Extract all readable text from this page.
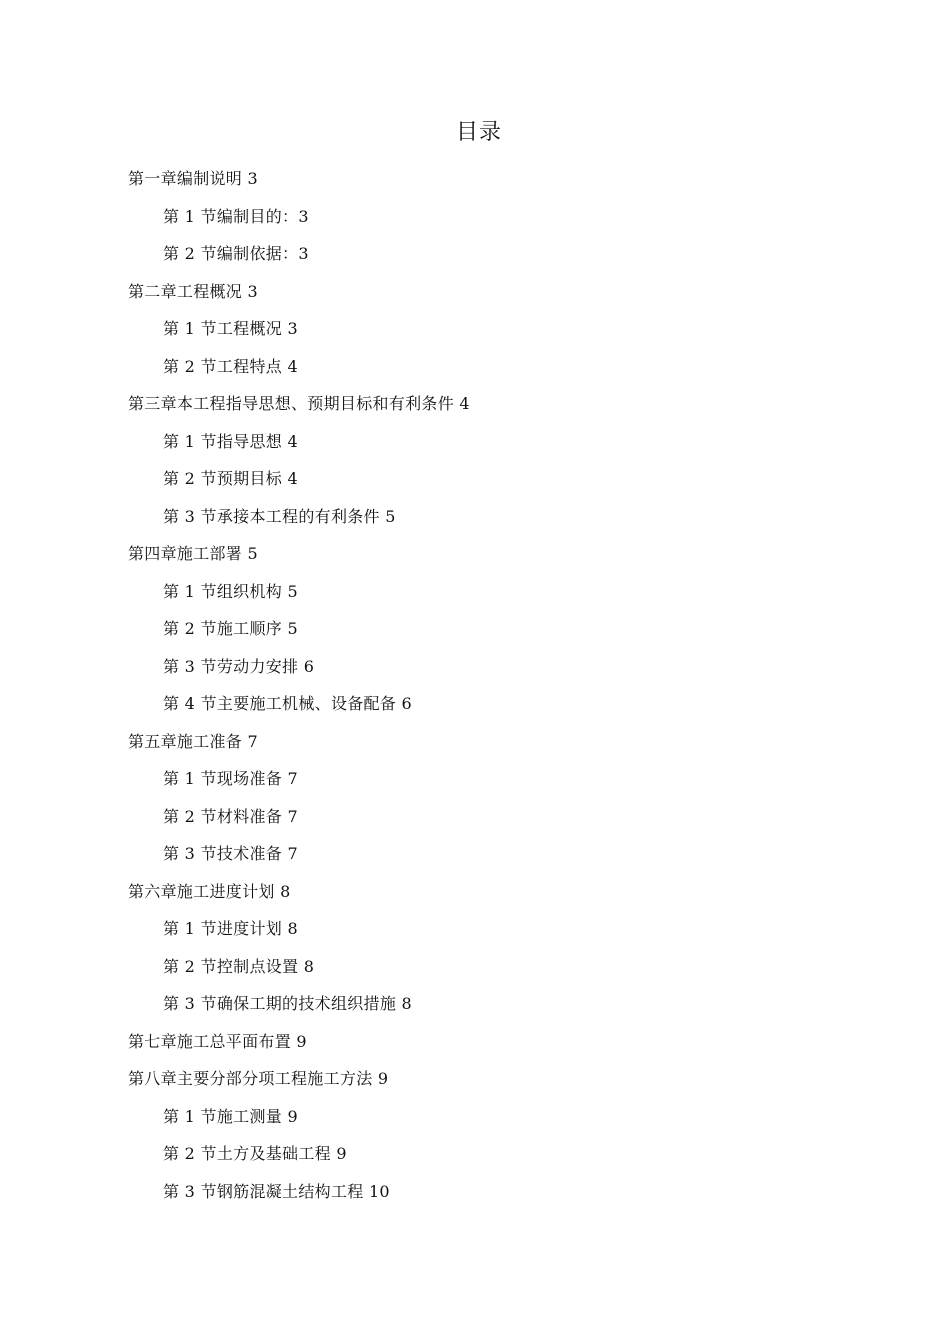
目录
第一章编制说明 3
第 1 节编制目的：3
第 2 节编制依据：3
第二章工程概况 3
第 1 节工程概况 3
第 2 节工程特点 4
第三章本工程指导思想、预期目标和有利条件 4
第 1 节指导思想 4
第 2 节预期目标 4
第 3 节承接本工程的有利条件 5
第四章施工部署 5
第 1 节组织机构 5
第 2 节施工顺序 5
第 3 节劳动力安排 6
第 4 节主要施工机械、设备配备 6
第五章施工准备 7
第 1 节现场准备 7
第 2 节材料准备 7
第 3 节技术准备 7
第六章施工进度计划 8
第 1 节进度计划 8
第 2 节控制点设置 8
第 3 节确保工期的技术组织措施 8
第七章施工总平面布置 9
第八章主要分部分项工程施工方法 9
第 1 节施工测量 9
第 2 节土方及基础工程 9
第 3 节钢筋混凝土结构工程 10
